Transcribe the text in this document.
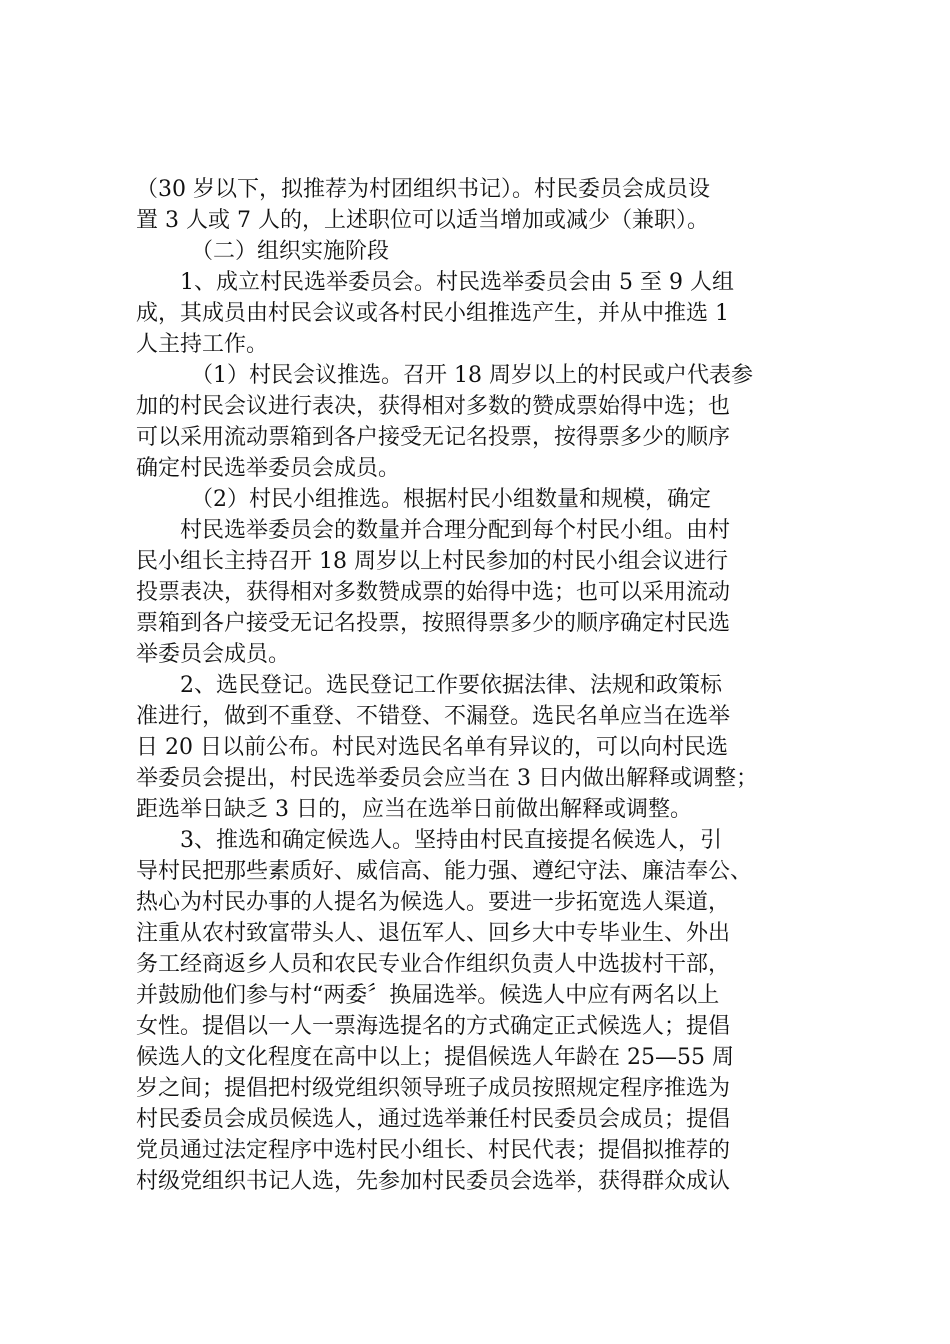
（30 岁以下，拟推荐为村团组织书记）。村民委员会成员设
置 3 人或 7 人的，上述职位可以适当增加或减少（兼职）。
（二）组织实施阶段
1、成立村民选举委员会。村民选举委员会由 5 至 9 人组
成，其成员由村民会议或各村民小组推选产生，并从中推选 1
人主持工作。
（1）村民会议推选。召开 18 周岁以上的村民或户代表参
加的村民会议进行表决，获得相对多数的赞成票始得中选；也
可以采用流动票箱到各户接受无记名投票，按得票多少的顺序
确定村民选举委员会成员。
（2）村民小组推选。根据村民小组数量和规模，确定
村民选举委员会的数量并合理分配到每个村民小组。由村
民小组长主持召开 18 周岁以上村民参加的村民小组会议进行
投票表决，获得相对多数赞成票的始得中选；也可以采用流动
票箱到各户接受无记名投票，按照得票多少的顺序确定村民选
举委员会成员。
2、选民登记。选民登记工作要依据法律、法规和政策标
准进行，做到不重登、不错登、不漏登。选民名单应当在选举
日 20 日以前公布。村民对选民名单有异议的，可以向村民选
举委员会提出，村民选举委员会应当在 3 日内做出解释或调整；
距选举日缺乏 3 日的，应当在选举日前做出解释或调整。
3、推选和确定候选人。坚持由村民直接提名候选人，引
导村民把那些素质好、威信高、能力强、遵纪守法、廉洁奉公、
热心为村民办事的人提名为候选人。要进一步拓宽选人渠道，
注重从农村致富带头人、退伍军人、回乡大中专毕业生、外出
务工经商返乡人员和农民专业合作组织负责人中选拔村干部，
并鼓励他们参与村“两委〞换届选举。候选人中应有两名以上
女性。提倡以一人一票海选提名的方式确定正式候选人；提倡
候选人的文化程度在高中以上；提倡候选人年龄在 25—55 周
岁之间；提倡把村级党组织领导班子成员按照规定程序推选为
村民委员会成员候选人，通过选举兼任村民委员会成员；提倡
党员通过法定程序中选村民小组长、村民代表；提倡拟推荐的
村级党组织书记人选，先参加村民委员会选举，获得群众成认
